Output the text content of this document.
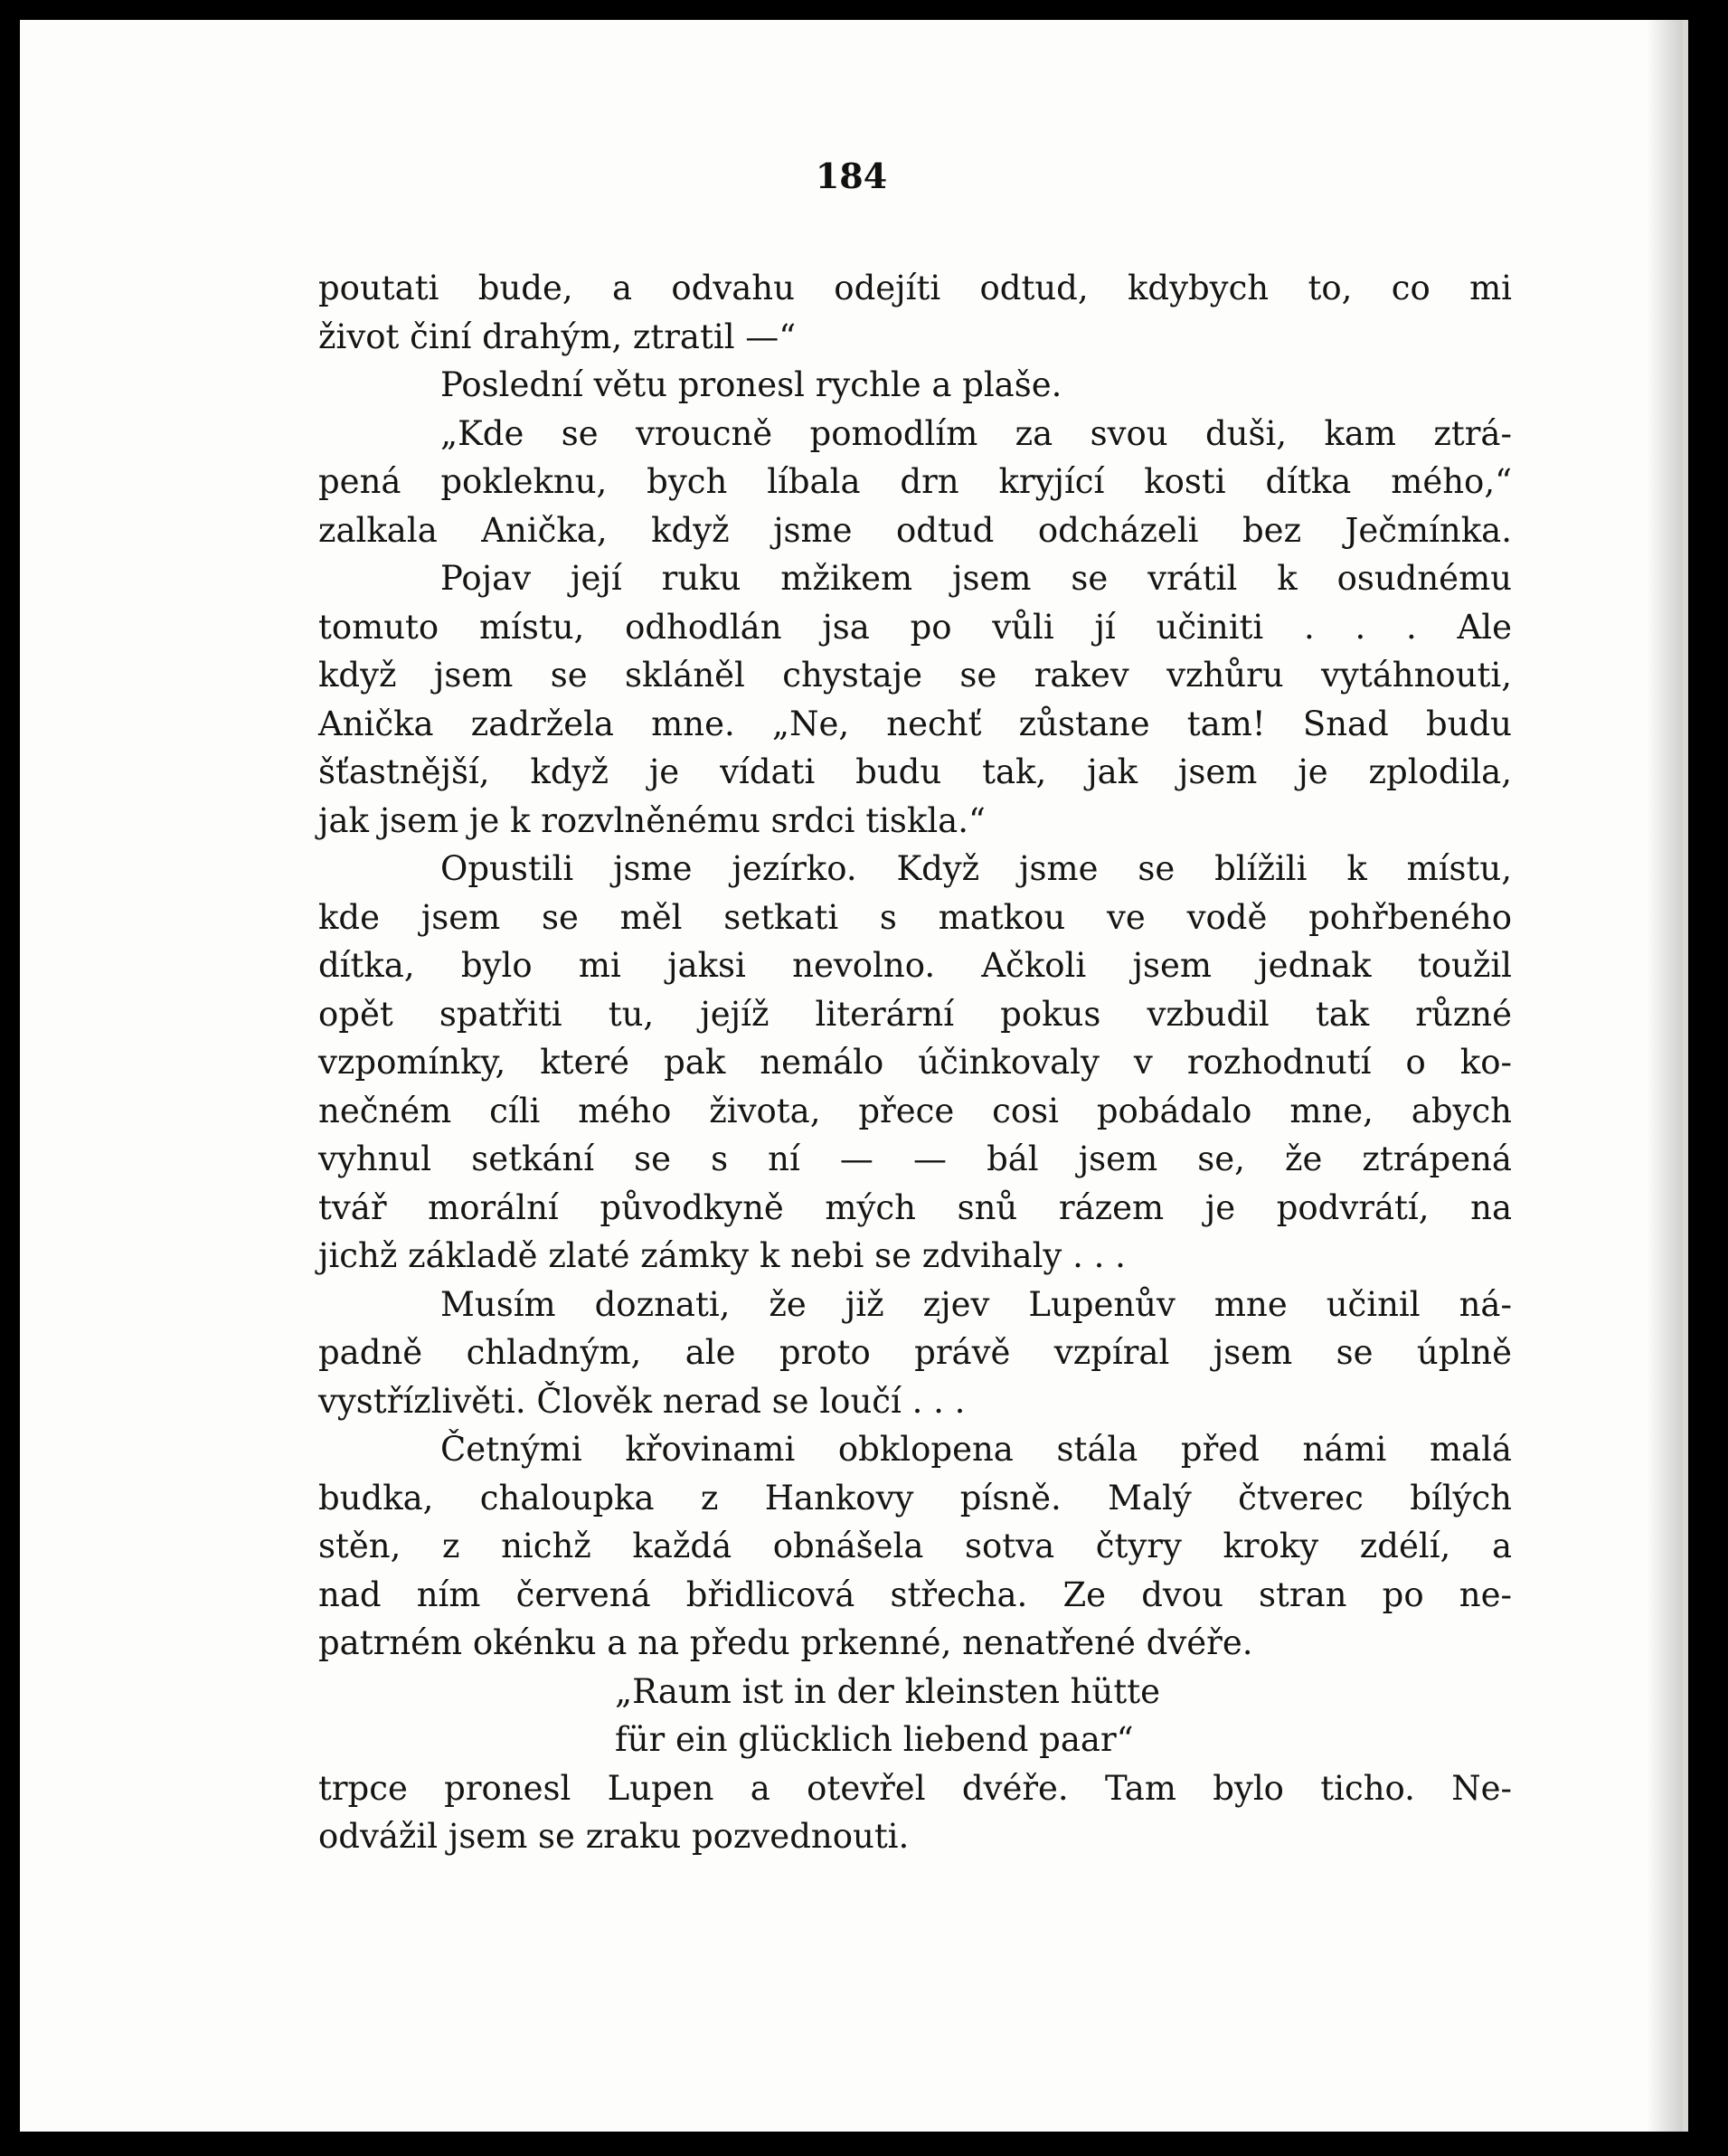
184
poutati bude, a odvahu odejíti odtud, kdybych to, co mi
život činí drahým, ztratil —“
Poslední větu pronesl rychle a plaše.
„Kde se vroucně pomodlím za svou duši, kam ztrá-
pená pokleknu, bych líbala drn kryjící kosti dítka mého,“
zalkala Anička, když jsme odtud odcházeli bez Ječmínka.
Pojav její ruku mžikem jsem se vrátil k osudnému
tomuto místu, odhodlán jsa po vůli jí učiniti . . . Ale
když jsem se skláněl chystaje se rakev vzhůru vytáhnouti,
Anička zadržela mne. „Ne, nechť zůstane tam! Snad budu
šťastnější, když je vídati budu tak, jak jsem je zplodila,
jak jsem je k rozvlněnému srdci tiskla.“
Opustili jsme jezírko. Když jsme se blížili k místu,
kde jsem se měl setkati s matkou ve vodě pohřbeného
dítka, bylo mi jaksi nevolno. Ačkoli jsem jednak toužil
opět spatřiti tu, jejíž literární pokus vzbudil tak různé
vzpomínky, které pak nemálo účinkovaly v rozhodnutí o ko-
nečném cíli mého života, přece cosi pobádalo mne, abych
vyhnul setkání se s ní — — bál jsem se, že ztrápená
tvář morální původkyně mých snů rázem je podvrátí, na
jichž základě zlaté zámky k nebi se zdvihaly . . .
Musím doznati, že již zjev Lupenův mne učinil ná-
padně chladným, ale proto právě vzpíral jsem se úplně
vystřízlivěti. Člověk nerad se loučí . . .
Četnými křovinami obklopena stála před námi malá
budka, chaloupka z Hankovy písně. Malý čtverec bílých
stěn, z nichž každá obnášela sotva čtyry kroky zdélí, a
nad ním červená břidlicová střecha. Ze dvou stran po ne-
patrném okénku a na předu prkenné, nenatřené dvéře.
„Raum ist in der kleinsten hütte
für ein glücklich liebend paar“
trpce pronesl Lupen a otevřel dvéře. Tam bylo ticho. Ne-
odvážil jsem se zraku pozvednouti.
